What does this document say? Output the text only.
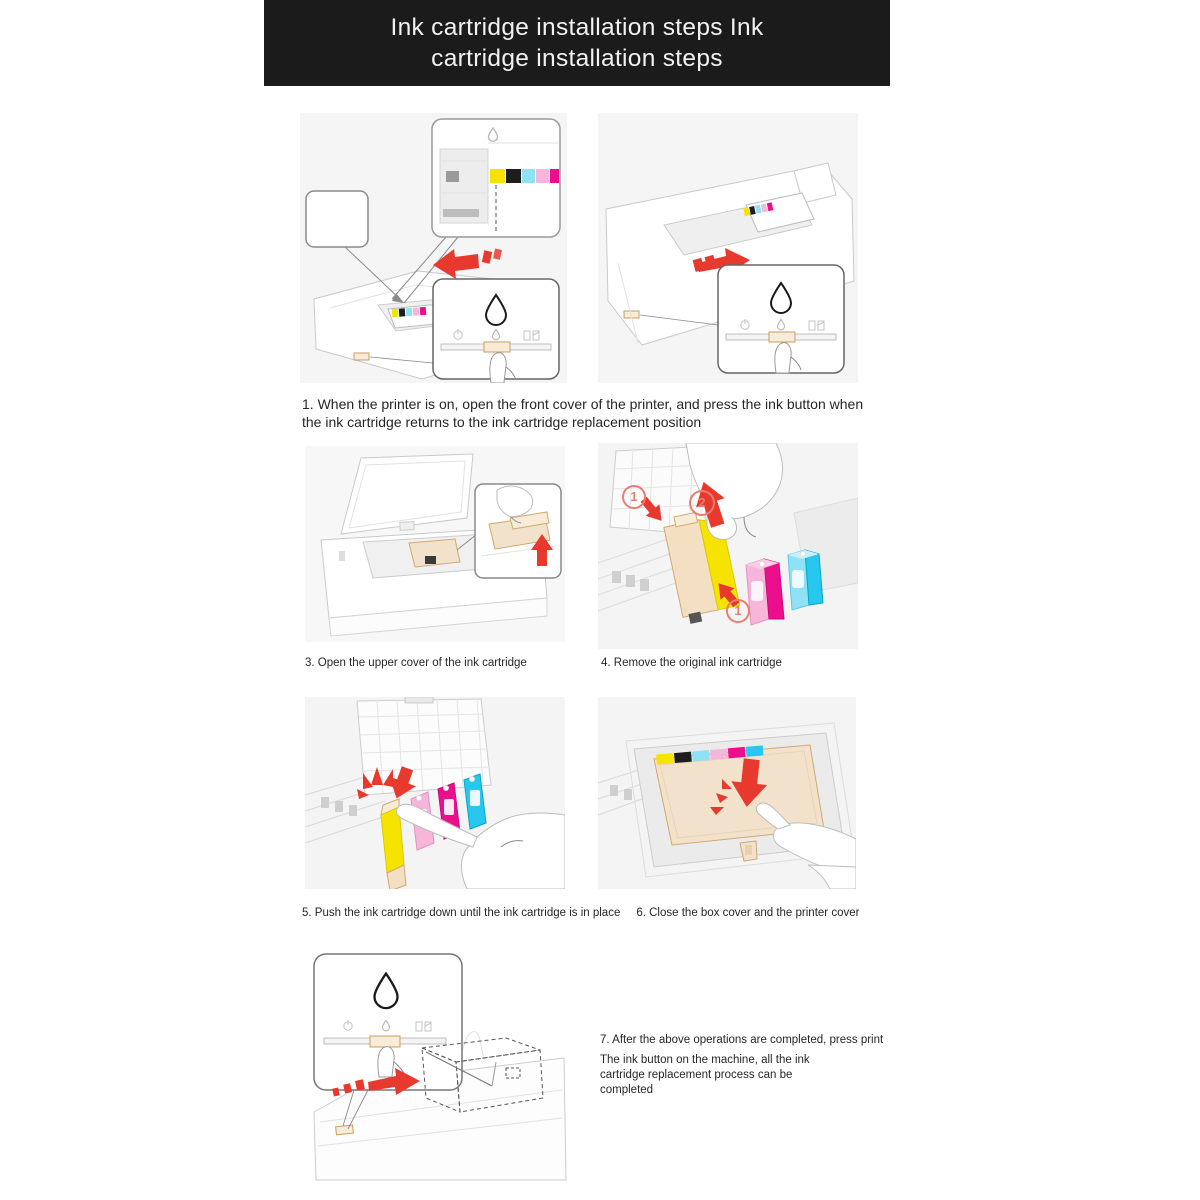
Ink cartridge installation steps Ink cartridge installation steps
1. When the printer is on, open the front cover of the printer, and press the ink button when the ink cartridge returns to the ink cartridge replacement position
1	2
1
3. Open the upper cover of the ink cartridge	4. Remove the original ink cartridge
5. Push the ink cartridge down until the ink cartridge is in place 6. Close the box cover and the printer cover

7. After the above operations are completed, press print

The ink button on the machine, all the ink cartridge replacement process can be completed
